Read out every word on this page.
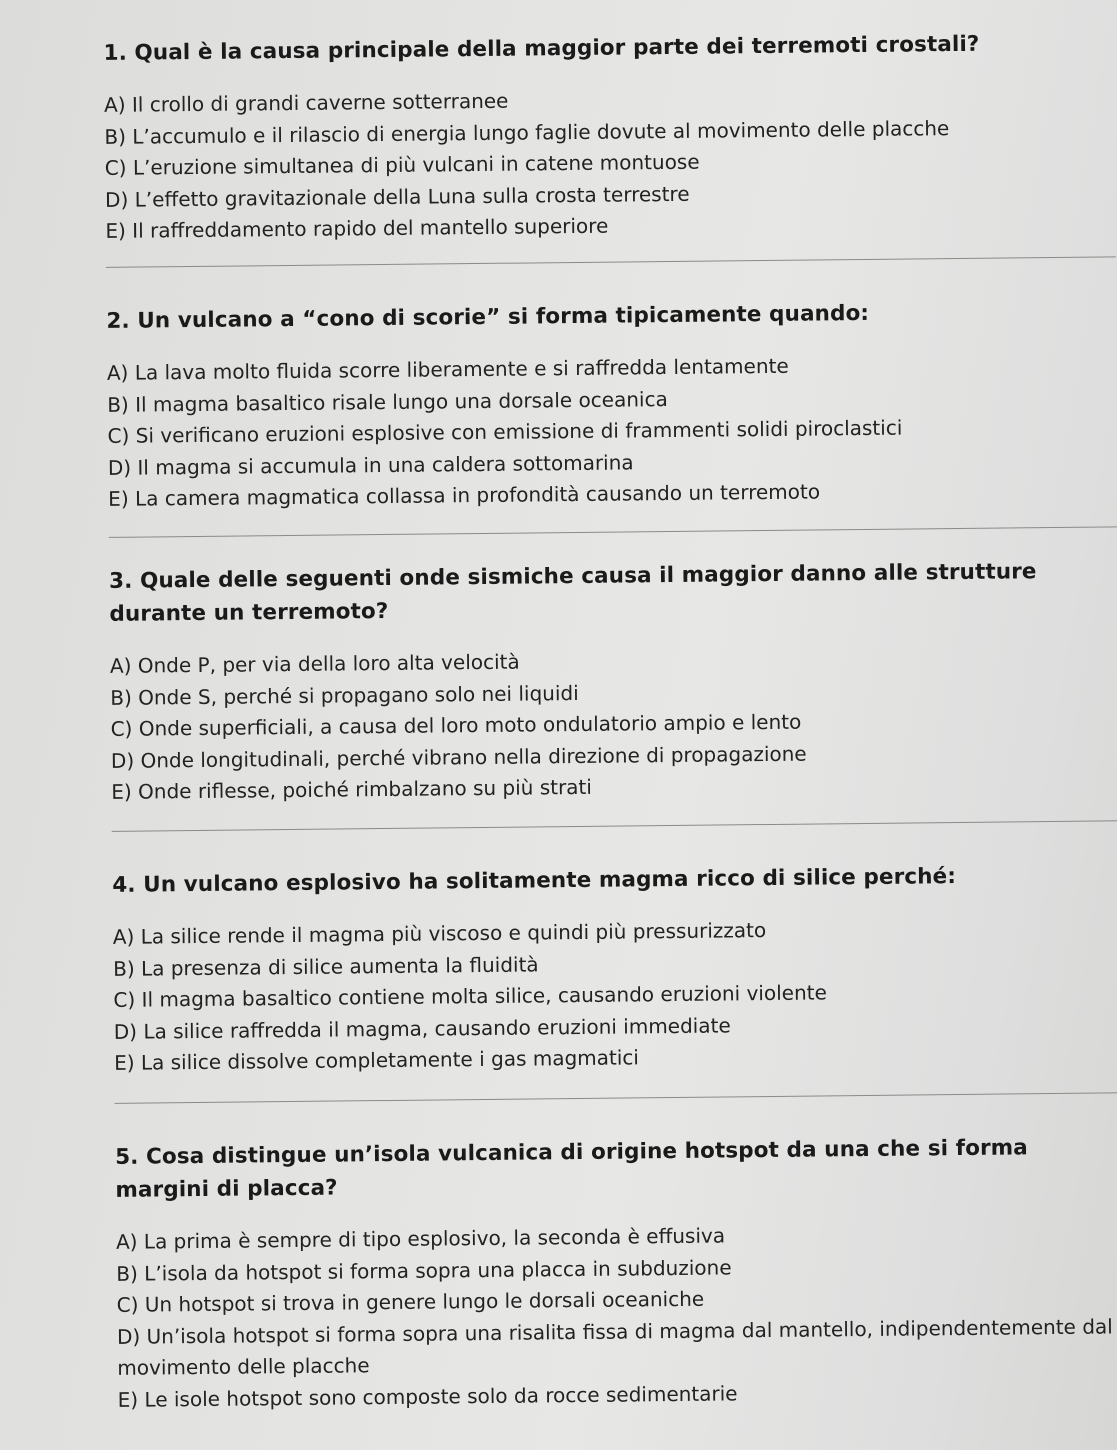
1. Qual è la causa principale della maggior parte dei terremoti crostali?

A) Il crollo di grandi caverne sotterranee

B) L’accumulo e il rilascio di energia lungo faglie dovute al movimento delle placche

C) L’eruzione simultanea di più vulcani in catene montuose

D) L’effetto gravitazionale della Luna sulla crosta terrestre

E) Il raffreddamento rapido del mantello superiore

2. Un vulcano a “cono di scorie” si forma tipicamente quando:

A) La lava molto fluida scorre liberamente e si raffredda lentamente

B) Il magma basaltico risale lungo una dorsale oceanica

C) Si verificano eruzioni esplosive con emissione di frammenti solidi piroclastici

D) Il magma si accumula in una caldera sottomarina

E) La camera magmatica collassa in profondità causando un terremoto

3. Quale delle seguenti onde sismiche causa il maggior danno alle strutture durante un terremoto?

A) Onde P, per via della loro alta velocità

B) Onde S, perché si propagano solo nei liquidi

C) Onde superficiali, a causa del loro moto ondulatorio ampio e lento

D) Onde longitudinali, perché vibrano nella direzione di propagazione

E) Onde riflesse, poiché rimbalzano su più strati

4. Un vulcano esplosivo ha solitamente magma ricco di silice perché:

A) La silice rende il magma più viscoso e quindi più pressurizzato

B) La presenza di silice aumenta la fluidità

C) Il magma basaltico contiene molta silice, causando eruzioni violente

D) La silice raffredda il magma, causando eruzioni immediate

E) La silice dissolve completamente i gas magmatici

5. Cosa distingue un’isola vulcanica di origine hotspot da una che si forma margini di placca?

A) La prima è sempre di tipo esplosivo, la seconda è effusiva

B) L’isola da hotspot si forma sopra una placca in subduzione

C) Un hotspot si trova in genere lungo le dorsali oceaniche

D) Un’isola hotspot si forma sopra una risalita fissa di magma dal mantello, indipendentemente dal movimento delle placche

E) Le isole hotspot sono composte solo da rocce sedimentarie
